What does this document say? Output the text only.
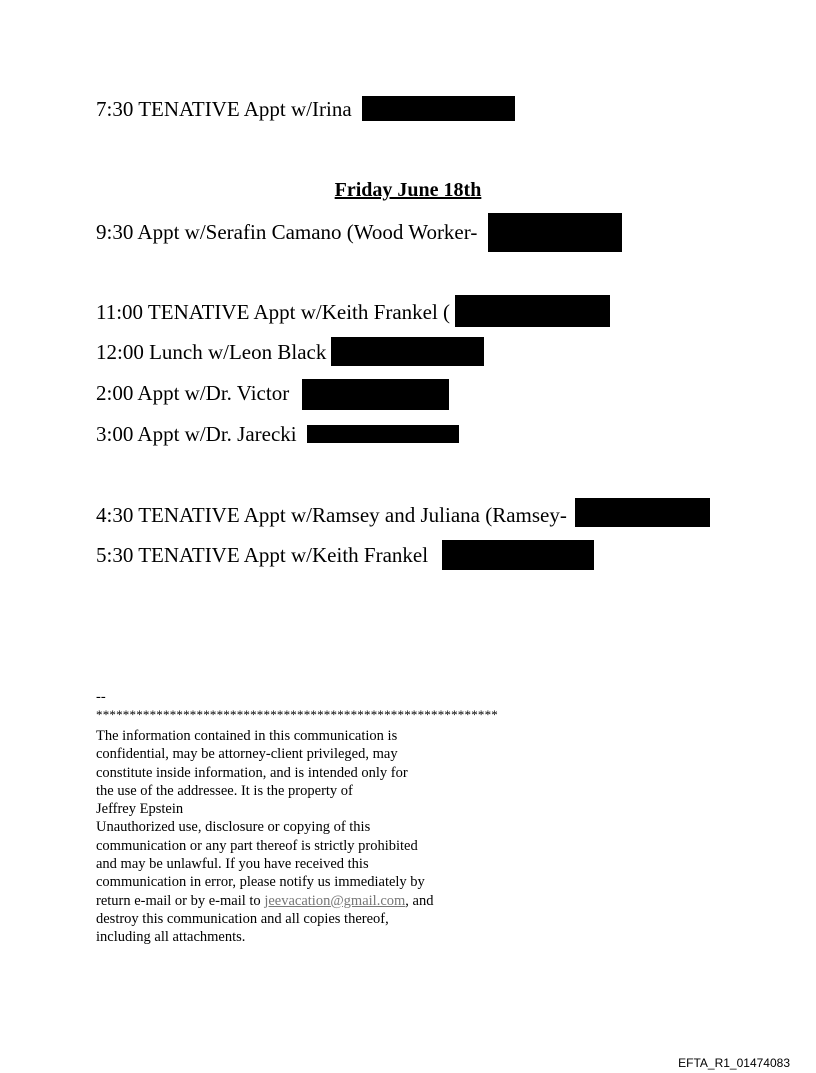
7:30 TENATIVE Appt w/Irina
Friday June 18th
9:30 Appt w/Serafin Camano (Wood Worker-
11:00 TENATIVE Appt w/Keith Frankel (
12:00 Lunch w/Leon Black
2:00 Appt w/Dr. Victor
3:00 Appt w/Dr. Jarecki
4:30 TENATIVE Appt w/Ramsey and Juliana (Ramsey-
5:30 TENATIVE Appt w/Keith Frankel
--
************************************************************

The information contained in this communication is

confidential, may be attorney-client privileged, may

constitute inside information, and is intended only for

the use of the addressee. It is the property of

Jeffrey Epstein

Unauthorized use, disclosure or copying of this

communication or any part thereof is strictly prohibited

and may be unlawful. If you have received this

communication in error, please notify us immediately by

return e-mail or by e-mail to jeevacation@gmail.com, and

destroy this communication and all copies thereof,

including all attachments.

EFTA_R1_01474083
